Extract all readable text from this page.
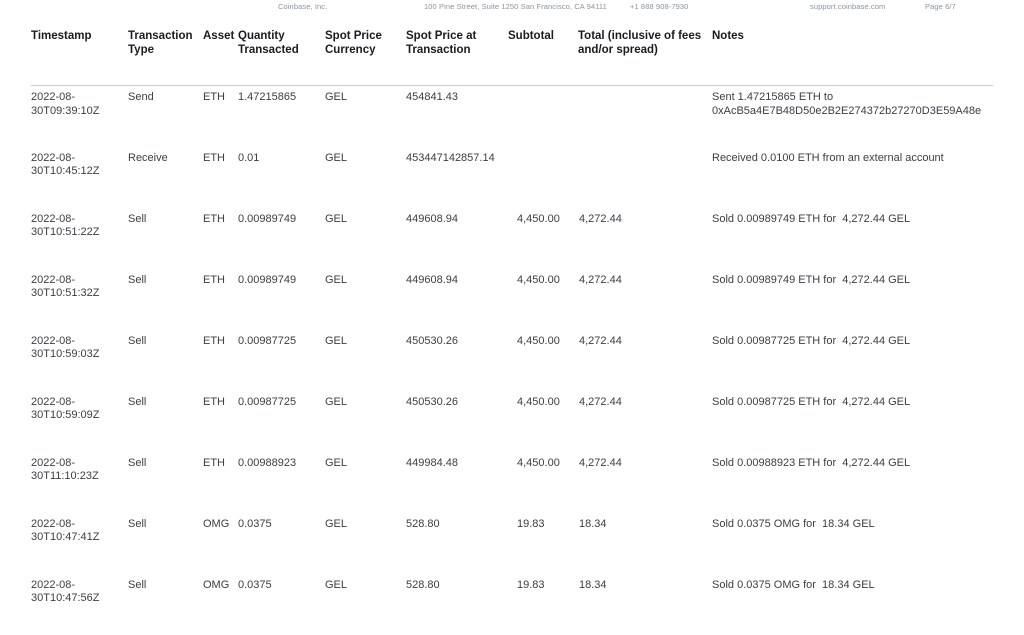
Coinbase, Inc.	100 Pine Street, Suite 1250 San Francisco, CA 94111	+1 888 908-7930	support.coinbase.com	Page 6/7
Timestamp	Transaction Type	Asset	Quantity Transacted	Spot Price Currency	Spot Price at Transaction	Subtotal	Total (inclusive of fees and/or spread)	Notes
2022-08-30T09:39:10Z	Send	ETH	1.47215865	GEL	454841.43			Sent 1.47215865 ETH to 0xAcB5a4E7B48D50e2B2E274372b27270D3E59A48e
2022-08-30T10:45:12Z	Receive	ETH	0.01	GEL	453447142857.14			Received 0.0100 ETH from an external account
2022-08-30T10:51:22Z	Sell	ETH	0.00989749	GEL	449608.94	4,450.00	4,272.44	Sold 0.00989749 ETH for  4,272.44 GEL
2022-08-30T10:51:32Z	Sell	ETH	0.00989749	GEL	449608.94	4,450.00	4,272.44	Sold 0.00989749 ETH for  4,272.44 GEL
2022-08-30T10:59:03Z	Sell	ETH	0.00987725	GEL	450530.26	4,450.00	4,272.44	Sold 0.00987725 ETH for  4,272.44 GEL
2022-08-30T10:59:09Z	Sell	ETH	0.00987725	GEL	450530.26	4,450.00	4,272.44	Sold 0.00987725 ETH for  4,272.44 GEL
2022-08-30T11:10:23Z	Sell	ETH	0.00988923	GEL	449984.48	4,450.00	4,272.44	Sold 0.00988923 ETH for  4,272.44 GEL
2022-08-30T10:47:41Z	Sell	OMG	0.0375	GEL	528.80	19.83	18.34	Sold 0.0375 OMG for  18.34 GEL
2022-08-30T10:47:56Z	Sell	OMG	0.0375	GEL	528.80	19.83	18.34	Sold 0.0375 OMG for  18.34 GEL
